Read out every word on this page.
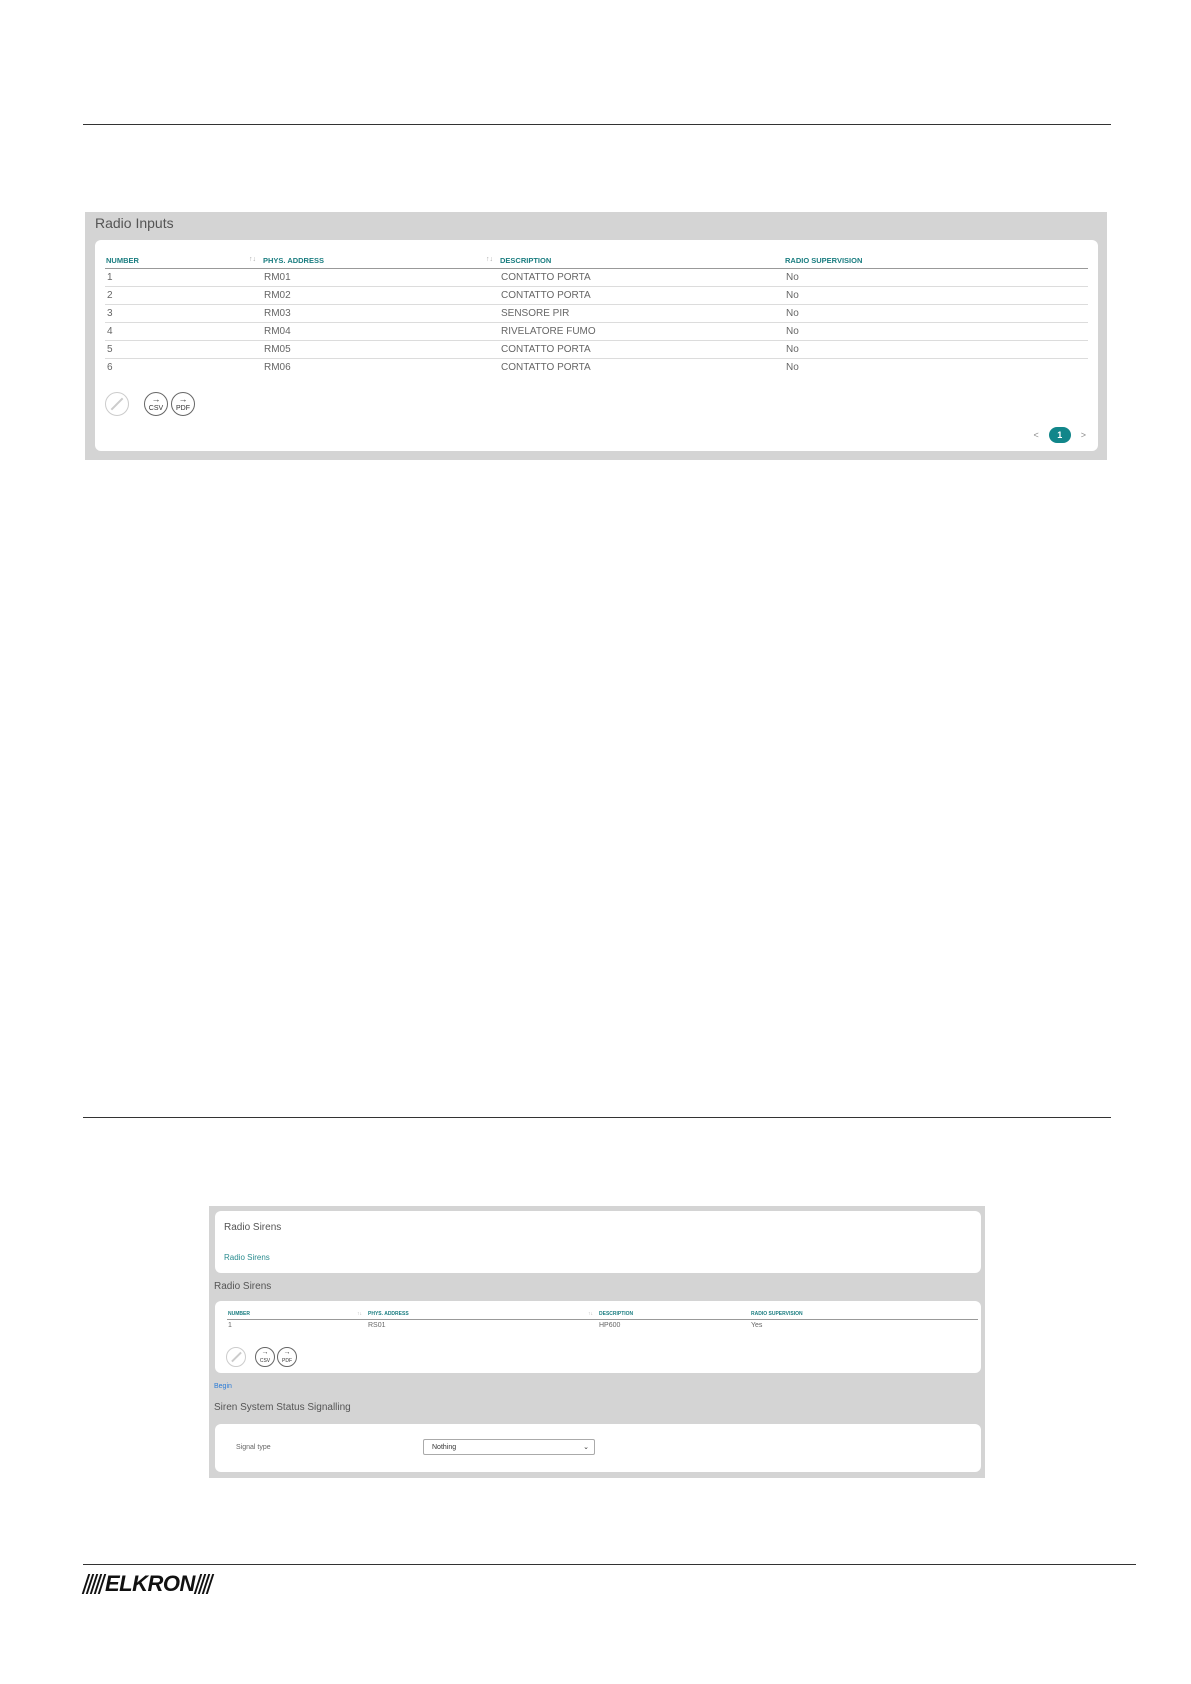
Radio Inputs
NUMBER ↑↓	PHYS. ADDRESS ↑↓	DESCRIPTION	RADIO SUPERVISION
1	RM01	CONTATTO PORTA	No
2	RM02	CONTATTO PORTA	No
3	RM03	SENSORE PIR	No
4	RM04	RIVELATORE FUMO	No
5	RM05	CONTATTO PORTA	No
6	RM06	CONTATTO PORTA	No
→
CSV
→
PDF
<	1	>
Radio Sirens
Radio Sirens
Radio Sirens
NUMBER ↑↓	PHYS. ADDRESS ↑↓	DESCRIPTION	RADIO SUPERVISION
1	RS01	HP600	Yes
→
CSV
→
PDF
Begin
Siren System Status Signalling
Signal type	Nothing	⌄
ELKRON
